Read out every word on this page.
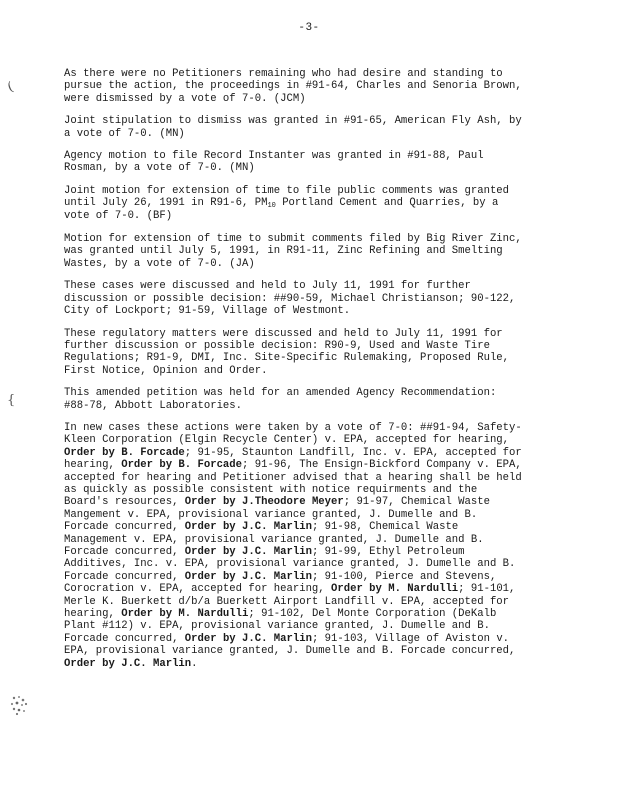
-3-
(
{

As there were no Petitioners remaining who had desire and standing to pursue the action, the proceedings in #91-64, Charles and Senoria Brown, were dismissed by a vote of 7-0. (JCM)

Joint stipulation to dismiss was granted in #91-65, American Fly Ash, by a vote of 7-0. (MN)

Agency motion to file Record Instanter was granted in #91-88, Paul Rosman, by a vote of 7-0. (MN)

Joint motion for extension of time to file public comments was granted until July 26, 1991 in R91-6, $PM_{10}$ Portland Cement and Quarries, by a vote of 7-0. (BF)

Motion for extension of time to submit comments filed by Big River Zinc, was granted until July 5, 1991, in R91-11, Zinc Refining and Smelting Wastes, by a vote of 7-0. (JA)

These cases were discussed and held to July 11, 1991 for further discussion or possible decision: ##90-59, Michael Christianson; 90-122, City of Lockport; 91-59, Village of Westmont.

These regulatory matters were discussed and held to July 11, 1991 for further discussion or possible decision: R90-9, Used and Waste Tire Regulations; R91-9, DMI, Inc. Site-Specific Rulemaking, Proposed Rule, First Notice, Opinion and Order.

This amended petition was held for an amended Agency Recommendation: #88-78, Abbott Laboratories.

In new cases these actions were taken by a vote of 7-0: ##91-94, Safety-Kleen Corporation (Elgin Recycle Center) v. EPA, accepted for hearing, Order by B. Forcade; 91-95, Staunton Landfill, Inc. v. EPA, accepted for hearing, Order by B. Forcade; 91-96, The Ensign-Bickford Company v. EPA, accepted for hearing and Petitioner advised that a hearing shall be held as quickly as possible consistent with notice requirments and the Board's resources, Order by J.Theodore Meyer; 91-97, Chemical Waste Mangement v. EPA, provisional variance granted, J. Dumelle and B. Forcade concurred, Order by J.C. Marlin; 91-98, Chemical Waste Management v. EPA, provisional variance granted, J. Dumelle and B. Forcade concurred, Order by J.C. Marlin; 91-99, Ethyl Petroleum Additives, Inc. v. EPA, provisional variance granted, J. Dumelle and B. Forcade concurred, Order by J.C. Marlin; 91-100, Pierce and Stevens, Corocration v. EPA, accepted for hearing, Order by M. Nardulli; 91-101, Merle K. Buerkett d/b/a Buerkett Airport Landfill v. EPA, accepted for hearing, Order by M. Nardulli; 91-102, Del Monte Corporation (DeKalb Plant #112) v. EPA, provisional variance granted, J. Dumelle and B. Forcade concurred, Order by J.C. Marlin; 91-103, Village of Aviston v. EPA, provisional variance granted, J. Dumelle and B. Forcade concurred, Order by J.C. Marlin.
